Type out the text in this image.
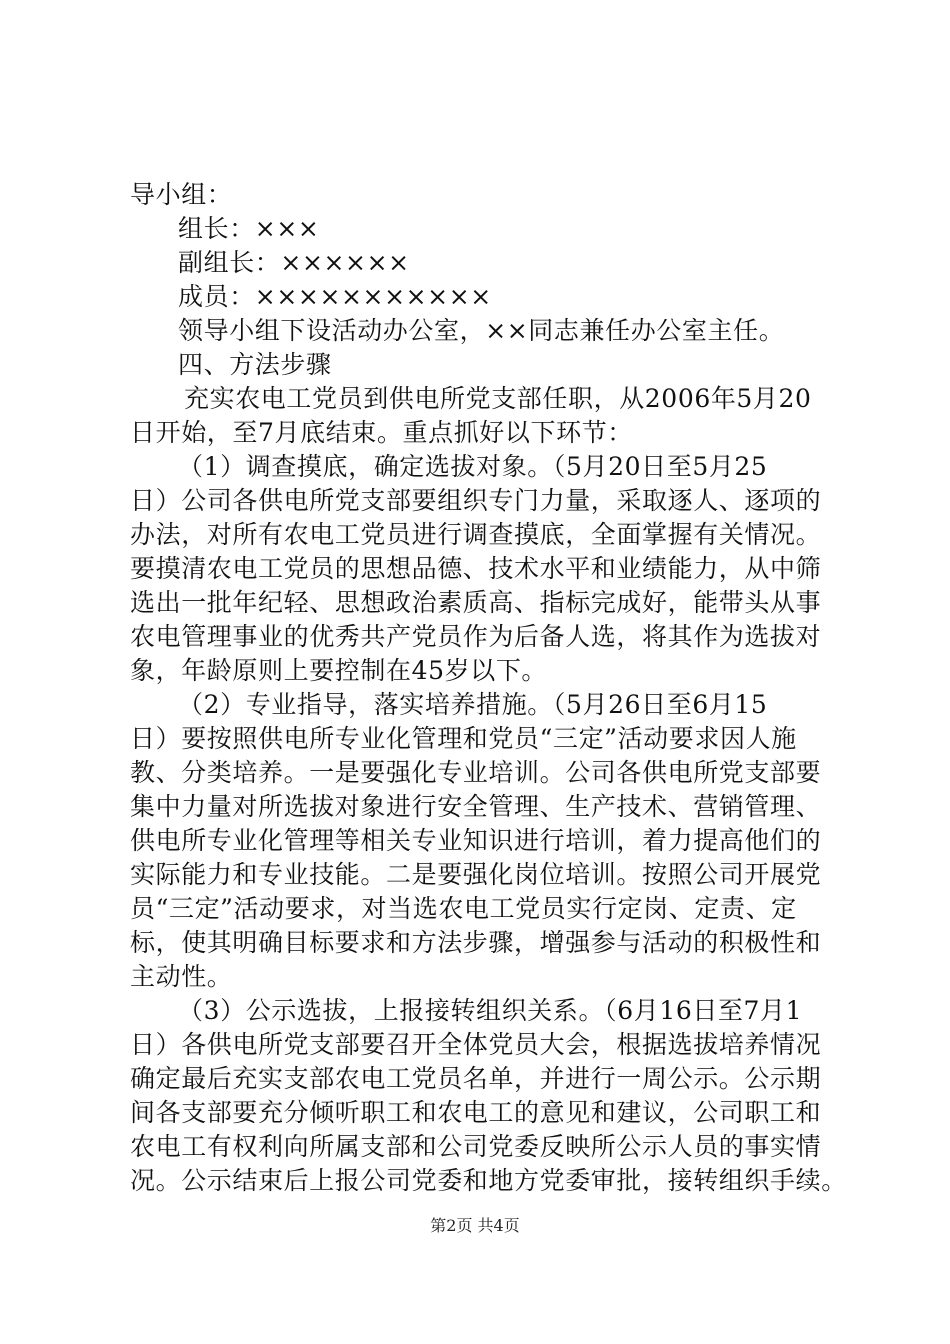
导小组：
组长：×××
副组长：××××××
成员：×××××××××××
领导小组下设活动办公室，××同志兼任办公室主任。
四、方法步骤
充实农电工党员到供电所党支部任职，从2006年5月20
日开始，至7月底结束。重点抓好以下环节：
（1）调查摸底，确定选拔对象。（5月20日至5月25
日）公司各供电所党支部要组织专门力量，采取逐人、逐项的
办法，对所有农电工党员进行调查摸底，全面掌握有关情况。
要摸清农电工党员的思想品德、技术水平和业绩能力，从中筛
选出一批年纪轻、思想政治素质高、指标完成好，能带头从事
农电管理事业的优秀共产党员作为后备人选，将其作为选拔对
象，年龄原则上要控制在45岁以下。
（2）专业指导，落实培养措施。（5月26日至6月15
日）要按照供电所专业化管理和党员“三定”活动要求因人施
教、分类培养。一是要强化专业培训。公司各供电所党支部要
集中力量对所选拔对象进行安全管理、生产技术、营销管理、
供电所专业化管理等相关专业知识进行培训，着力提高他们的
实际能力和专业技能。二是要强化岗位培训。按照公司开展党
员“三定”活动要求，对当选农电工党员实行定岗、定责、定
标，使其明确目标要求和方法步骤，增强参与活动的积极性和
主动性。
（3）公示选拔，上报接转组织关系。（6月16日至7月1
日）各供电所党支部要召开全体党员大会，根据选拔培养情况
确定最后充实支部农电工党员名单，并进行一周公示。公示期
间各支部要充分倾听职工和农电工的意见和建议，公司职工和
农电工有权利向所属支部和公司党委反映所公示人员的事实情
况。公示结束后上报公司党委和地方党委审批，接转组织手续。
第2页 共4页
